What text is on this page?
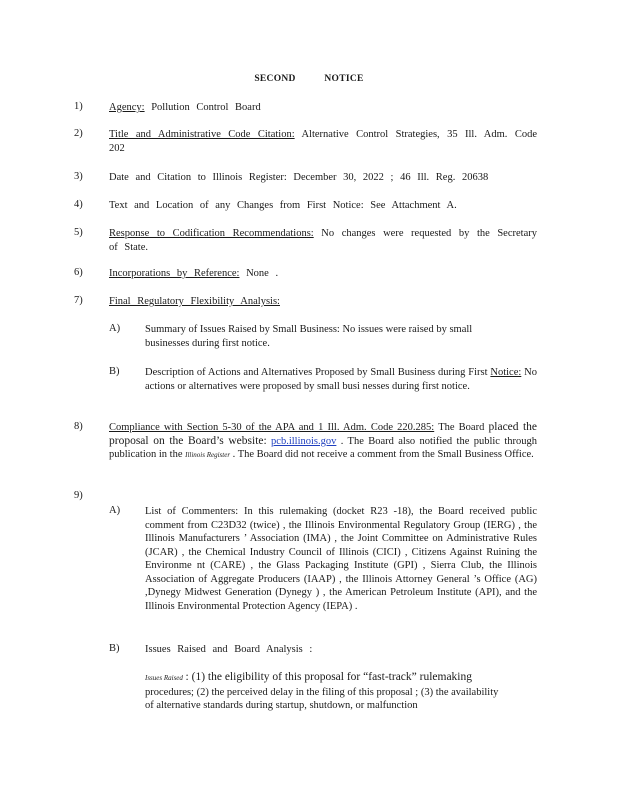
SECOND NOTICE
1)	Agency: Pollution Control Board
2)	Title and Administrative Code Citation: Alternative Control Strategies, 35 Ill. Adm. Code 202
3)	Date and Citation to Illinois Register: December 30, 2022 ; 46 Ill. Reg. 20638
4)	Text and Location of any Changes from First Notice: See Attachment A.
5)	Response to Codification Recommendations: No changes were requested by the Secretary of State.
6)	Incorporations by Reference: None .
7)	Final Regulatory Flexibility Analysis:
A) Summary of Issues Raised by Small Business: No issues were raised by small businesses during first notice.
B) Description of Actions and Alternatives Proposed by Small Business during First Notice: No actions or alternatives were proposed by small busi nesses during first notice.
8)	Compliance with Section 5-30 of the APA and 1 Ill. Adm. Code 220.285: The Board placed the proposal on the Board’s website: pcb.illinois.gov . The Board also notified the public through publication in the Illinois Register . The Board did not receive a comment from the Small Business Office.
9)
A) List of Commenters: In this rulemaking (docket R23 -18), the Board received public comment from C23D32 (twice) , the Illinois Environmental Regulatory Group (IERG) , the Illinois Manufacturers ’ Association (IMA) , the Joint Committee on Administrative Rules (JCAR) , the Chemical Industry Council of Illinois (CICI) , Citizens Against Ruining the Environme nt (CARE) , the Glass Packaging Institute (GPI) , Sierra Club, the Illinois Association of Aggregate Producers (IAAP) , the Illinois Attorney General ’s Office (AG) ,Dynegy Midwest Generation (Dynegy ) , the American Petroleum Institute (API), and the Illinois Environmental Protection Agency (IEPA) .
B) Issues Raised and Board Analysis :
Issues Raised : (1) the eligibility of this proposal for “fast-track” rulemaking procedures; (2) the perceived delay in the filing of this proposal ; (3) the availability of alternative standards during startup, shutdown, or malfunction
